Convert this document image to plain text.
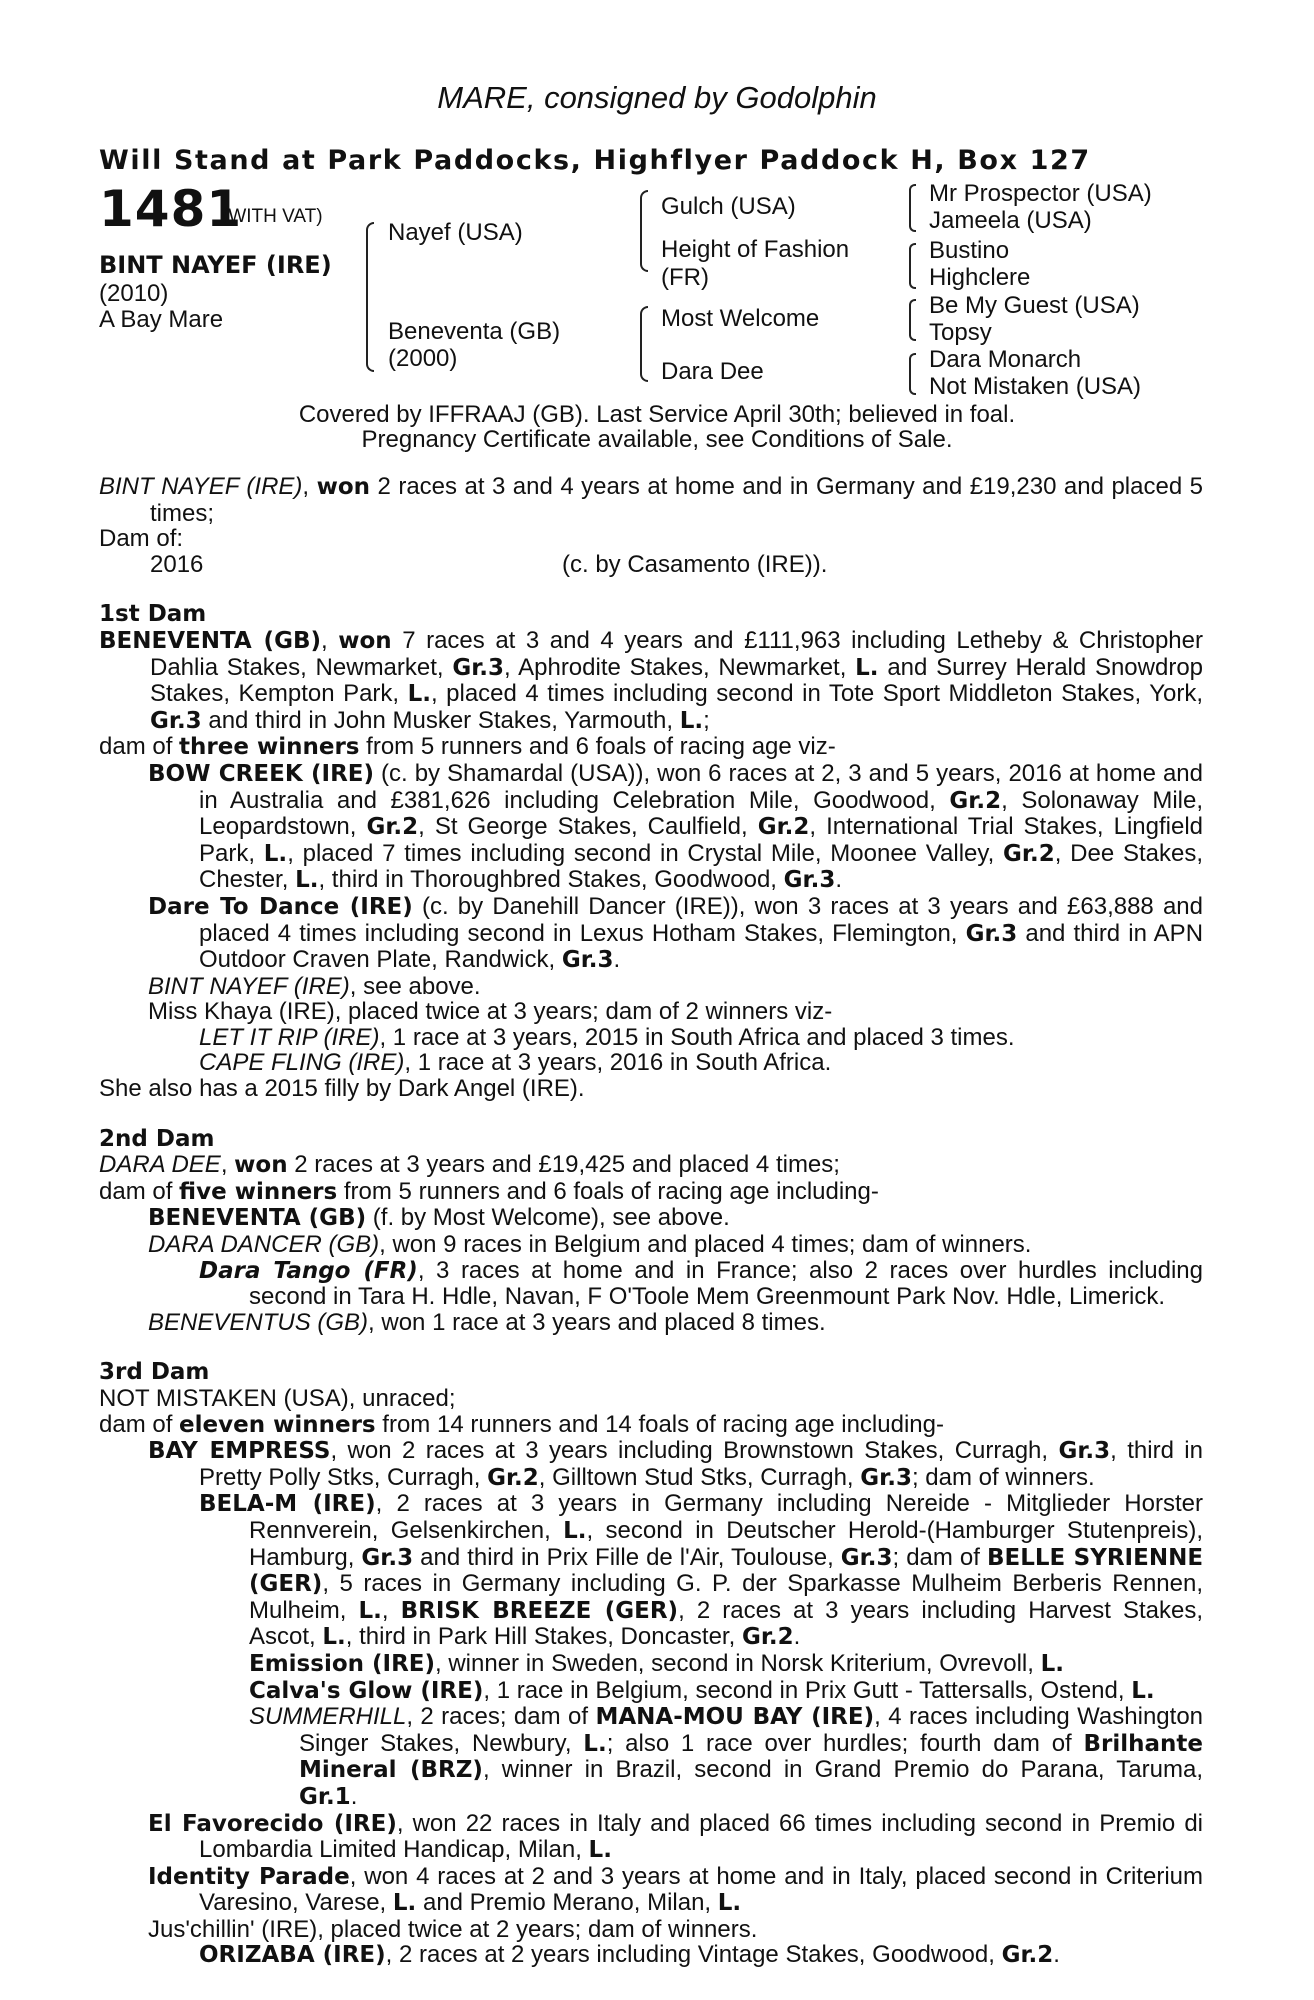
MARE, consigned by Godolphin
Will Stand at Park Paddocks, Highflyer Paddock H, Box 127
1481
(WITH VAT)
BINT NAYEF (IRE)
(2010)
A Bay Mare
Nayef (USA)
Beneventa (GB)
(2000)
Gulch (USA)
Height of Fashion
(FR)
Most Welcome
Dara Dee
Mr Prospector (USA)
Jameela (USA)
Bustino
Highclere
Be My Guest (USA)
Topsy
Dara Monarch
Not Mistaken (USA)
Covered by IFFRAAJ (GB). Last Service April 30th; believed in foal.
Pregnancy Certificate available, see Conditions of Sale.

BINT NAYEF (IRE), won 2 races at 3 and 4 years at home and in Germany and £19,230 and placed 5 times;

Dam of:

2016	(c. by Casamento (IRE)).

1st Dam

BENEVENTA (GB), won 7 races at 3 and 4 years and £111,963 including Letheby & Christopher Dahlia Stakes, Newmarket, Gr.3, Aphrodite Stakes, Newmarket, L. and Surrey Herald Snowdrop Stakes, Kempton Park, L., placed 4 times including second in Tote Sport Middleton Stakes, York, Gr.3 and third in John Musker Stakes, Yarmouth, L.;

dam of three winners from 5 runners and 6 foals of racing age viz-

BOW CREEK (IRE) (c. by Shamardal (USA)), won 6 races at 2, 3 and 5 years, 2016 at home and in Australia and £381,626 including Celebration Mile, Goodwood, Gr.2, Solonaway Mile, Leopardstown, Gr.2, St George Stakes, Caulfield, Gr.2, International Trial Stakes, Lingfield Park, L., placed 7 times including second in Crystal Mile, Moonee Valley, Gr.2, Dee Stakes, Chester, L., third in Thoroughbred Stakes, Goodwood, Gr.3.

Dare To Dance (IRE) (c. by Danehill Dancer (IRE)), won 3 races at 3 years and £63,888 and placed 4 times including second in Lexus Hotham Stakes, Flemington, Gr.3 and third in APN Outdoor Craven Plate, Randwick, Gr.3.

BINT NAYEF (IRE), see above.

Miss Khaya (IRE), placed twice at 3 years; dam of 2 winners viz-

LET IT RIP (IRE), 1 race at 3 years, 2015 in South Africa and placed 3 times.

CAPE FLING (IRE), 1 race at 3 years, 2016 in South Africa.

She also has a 2015 filly by Dark Angel (IRE).

2nd Dam

DARA DEE, won 2 races at 3 years and £19,425 and placed 4 times;

dam of five winners from 5 runners and 6 foals of racing age including-

BENEVENTA (GB) (f. by Most Welcome), see above.

DARA DANCER (GB), won 9 races in Belgium and placed 4 times; dam of winners.

Dara Tango (FR), 3 races at home and in France; also 2 races over hurdles including second in Tara H. Hdle, Navan, F O'Toole Mem Greenmount Park Nov. Hdle, Limerick.

BENEVENTUS (GB), won 1 race at 3 years and placed 8 times.

3rd Dam

NOT MISTAKEN (USA), unraced;

dam of eleven winners from 14 runners and 14 foals of racing age including-

BAY EMPRESS, won 2 races at 3 years including Brownstown Stakes, Curragh, Gr.3, third in Pretty Polly Stks, Curragh, Gr.2, Gilltown Stud Stks, Curragh, Gr.3; dam of winners.

BELA-M (IRE), 2 races at 3 years in Germany including Nereide - Mitglieder Horster Rennverein, Gelsenkirchen, L., second in Deutscher Herold-(Hamburger Stutenpreis), Hamburg, Gr.3 and third in Prix Fille de l'Air, Toulouse, Gr.3; dam of BELLE SYRIENNE (GER), 5 races in Germany including G. P. der Sparkasse Mulheim Berberis Rennen, Mulheim, L., BRISK BREEZE (GER), 2 races at 3 years including Harvest Stakes, Ascot, L., third in Park Hill Stakes, Doncaster, Gr.2.

Emission (IRE), winner in Sweden, second in Norsk Kriterium, Ovrevoll, L.

Calva's Glow (IRE), 1 race in Belgium, second in Prix Gutt - Tattersalls, Ostend, L.

SUMMERHILL, 2 races; dam of MANA-MOU BAY (IRE), 4 races including Washington Singer Stakes, Newbury, L.; also 1 race over hurdles; fourth dam of Brilhante Mineral (BRZ), winner in Brazil, second in Grand Premio do Parana, Taruma, Gr.1.

El Favorecido (IRE), won 22 races in Italy and placed 66 times including second in Premio di Lombardia Limited Handicap, Milan, L.

Identity Parade, won 4 races at 2 and 3 years at home and in Italy, placed second in Criterium Varesino, Varese, L. and Premio Merano, Milan, L.

Jus'chillin' (IRE), placed twice at 2 years; dam of winners.

ORIZABA (IRE), 2 races at 2 years including Vintage Stakes, Goodwood, Gr.2.
